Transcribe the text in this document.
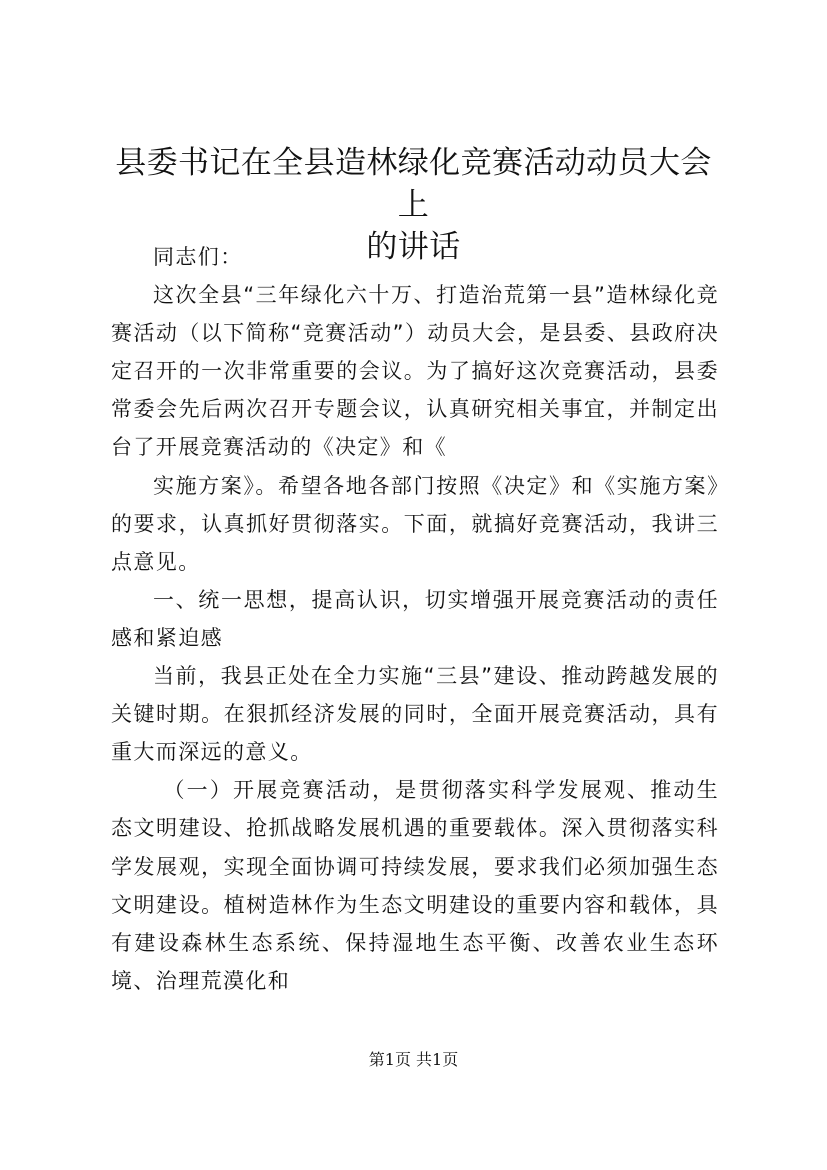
县委书记在全县造林绿化竞赛活动动员大会上
的讲话

同志们：

这次全县“三年绿化六十万、打造治荒第一县”造林绿化竞赛活动（以下简称“竞赛活动”）动员大会，是县委、县政府决定召开的一次非常重要的会议。为了搞好这次竞赛活动，县委常委会先后两次召开专题会议，认真研究相关事宜，并制定出台了开展竞赛活动的《决定》和《

实施方案》。希望各地各部门按照《决定》和《实施方案》的要求，认真抓好贯彻落实。下面，就搞好竞赛活动，我讲三点意见。

一、统一思想，提高认识，切实增强开展竞赛活动的责任感和紧迫感

当前，我县正处在全力实施“三县”建设、推动跨越发展的关键时期。在狠抓经济发展的同时，全面开展竞赛活动，具有重大而深远的意义。

（一）开展竞赛活动，是贯彻落实科学发展观、推动生态文明建设、抢抓战略发展机遇的重要载体。深入贯彻落实科学发展观，实现全面协调可持续发展，要求我们必须加强生态文明建设。植树造林作为生态文明建设的重要内容和载体，具有建设森林生态系统、保持湿地生态平衡、改善农业生态环境、治理荒漠化和

第1页 共1页
